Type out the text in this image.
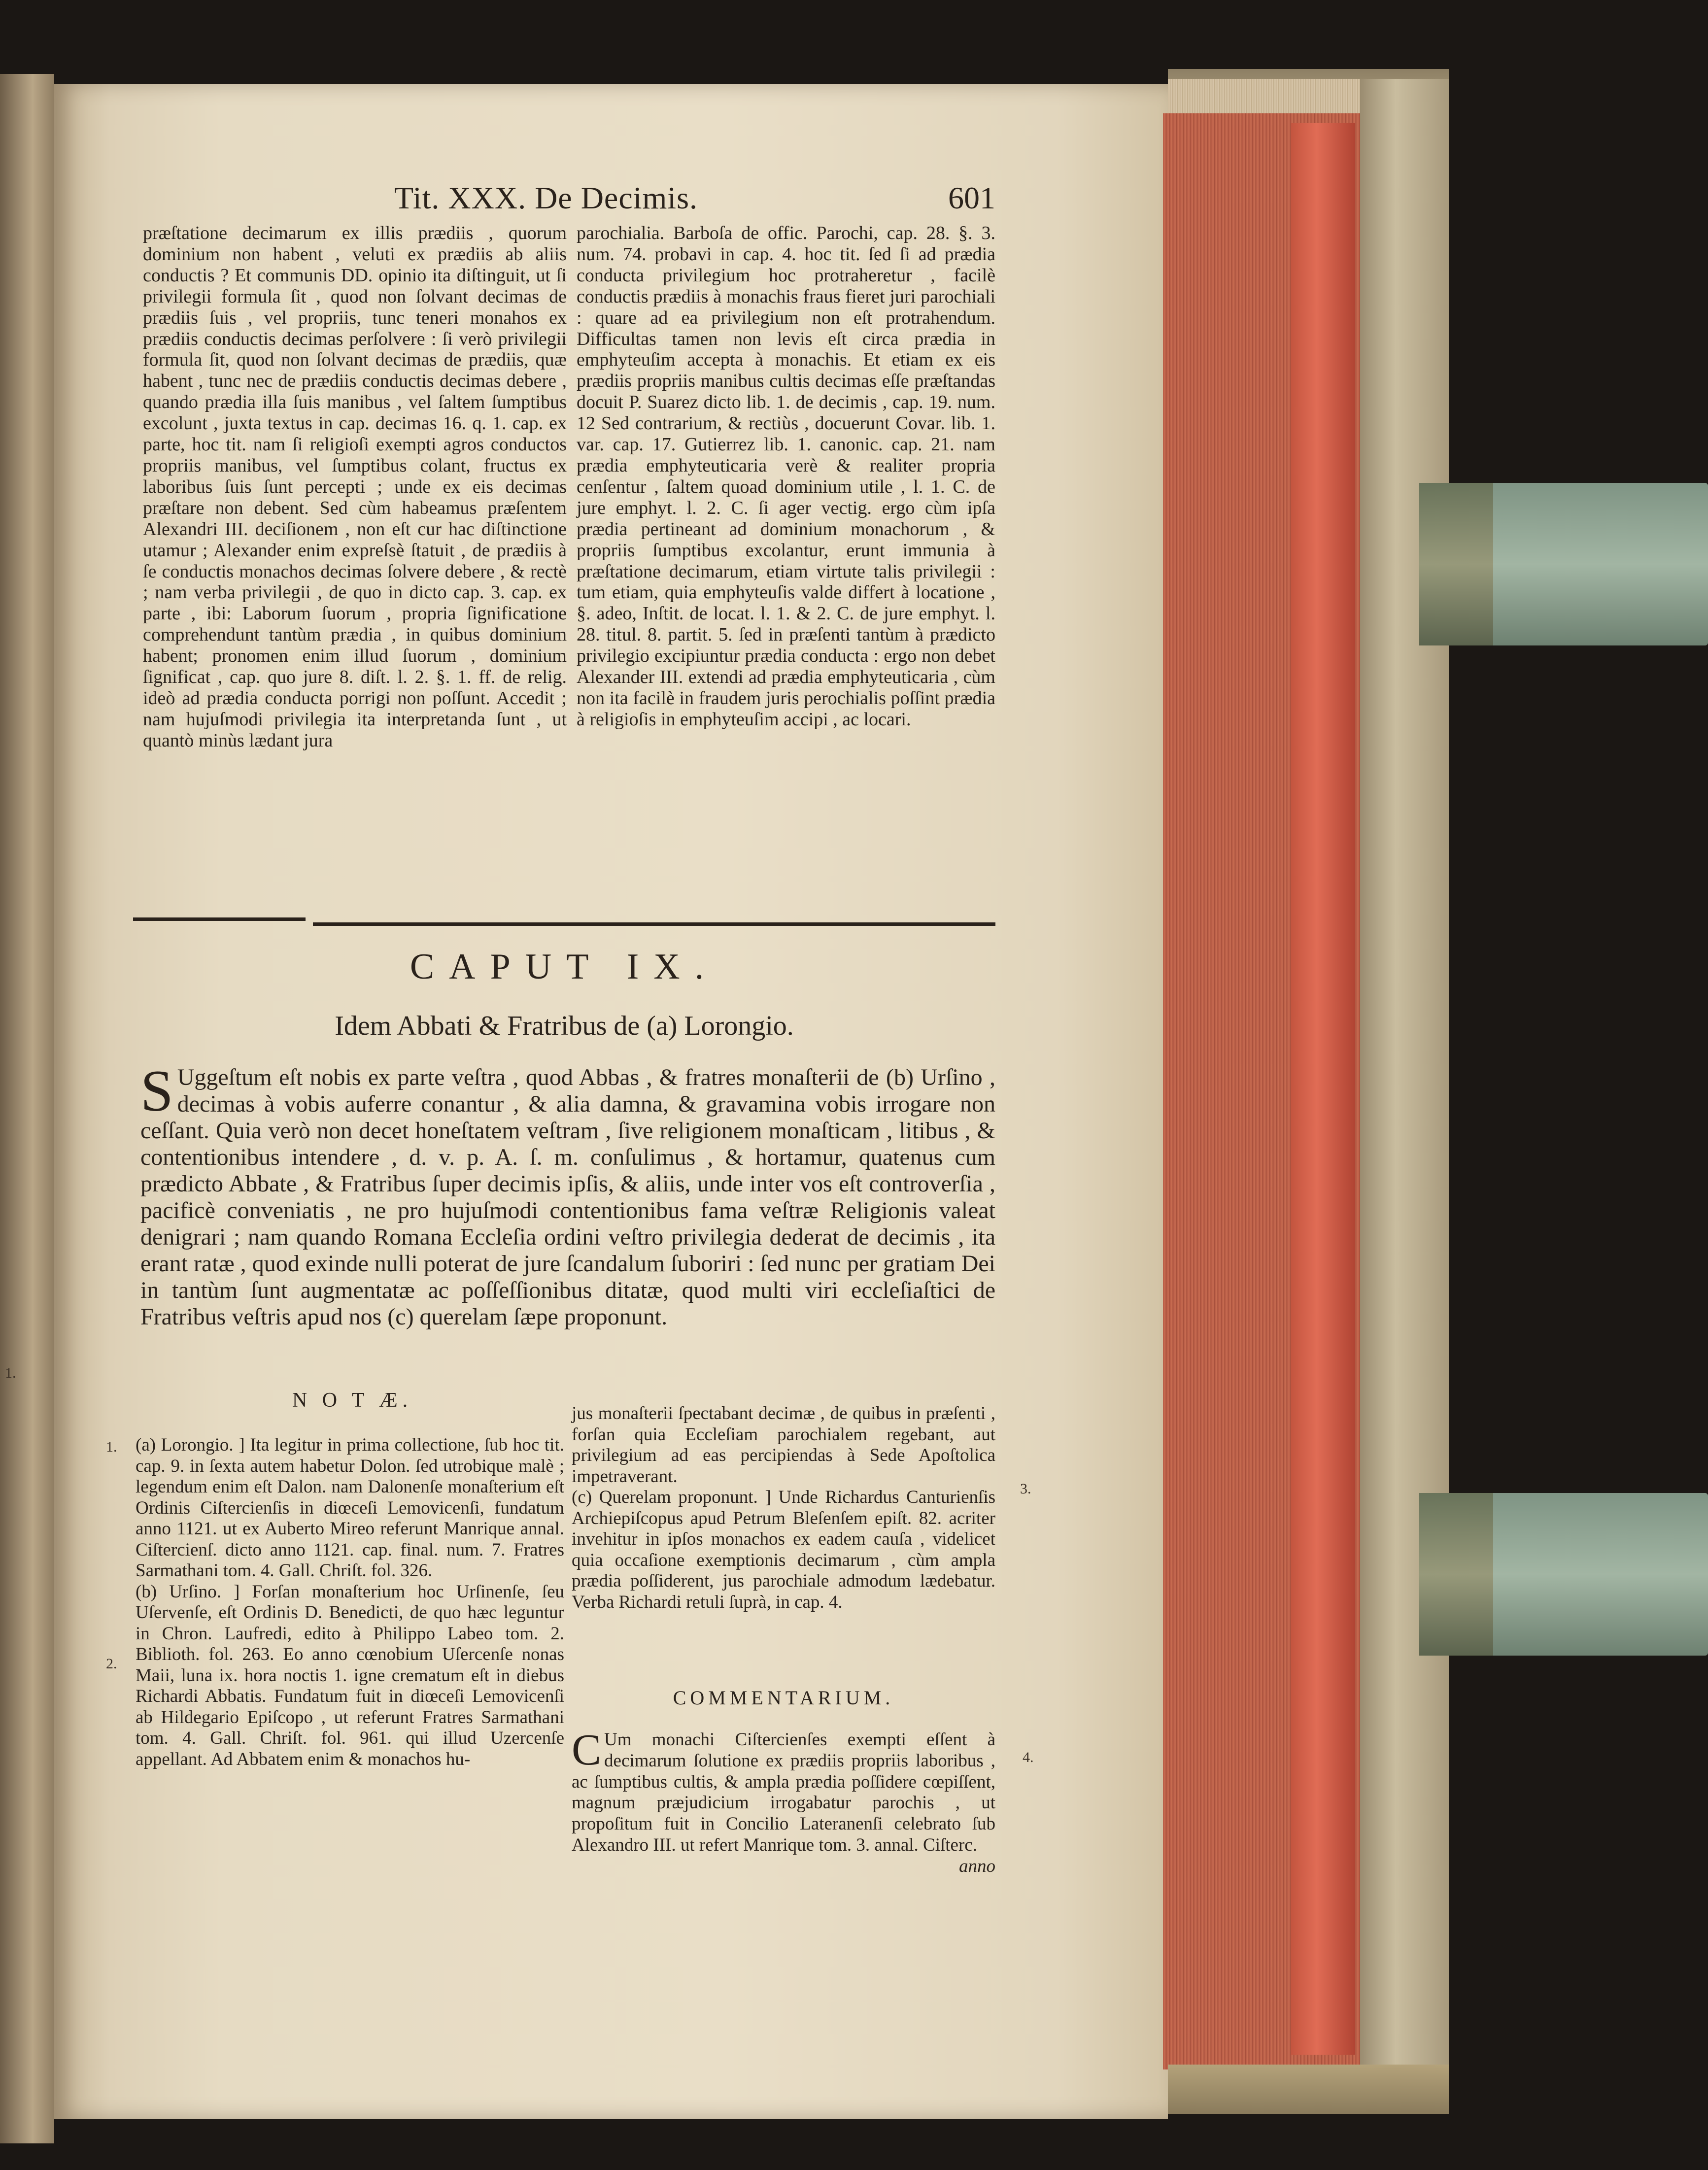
Tit. XXX. De Decimis.	601

præſtatione decimarum ex illis prædiis , quorum dominium non habent , veluti ex prædiis ab aliis conductis ? Et communis DD. opinio ita diſtinguit, ut ſi privilegii formula ſit , quod non ſolvant decimas de prædiis ſuis , vel propriis, tunc teneri monahos ex prædiis conductis decimas perſolvere : ſi verò privilegii formula ſit, quod non ſolvant decimas de prædiis, quæ habent , tunc nec de prædiis conductis decimas debere , quando prædia illa ſuis manibus , vel ſaltem ſumptibus excolunt , juxta textus in cap. decimas 16. q. 1. cap. ex parte, hoc tit. nam ſi religioſi exempti agros conductos propriis manibus, vel ſumptibus colant, fructus ex laboribus ſuis ſunt percepti ; unde ex eis decimas præſtare non debent. Sed cùm habeamus præſentem Alexandri III. deciſionem , non eſt cur hac diſtinctione utamur ; Alexander enim expreſsè ſtatuit , de prædiis à ſe conductis monachos decimas ſolvere debere , & rectè ; nam verba privilegii , de quo in dicto cap. 3. cap. ex parte , ibi: Laborum ſuorum , propria ſignificatione comprehendunt tantùm prædia , in quibus dominium habent; pronomen enim illud ſuorum , dominium ſignificat , cap. quo jure 8. diſt. l. 2. §. 1. ff. de relig. ideò ad prædia conducta porrigi non poſſunt. Accedit ; nam hujuſmodi privilegia ita interpretanda ſunt , ut quantò minùs lædant jura

parochialia. Barboſa de offic. Parochi, cap. 28. §. 3. num. 74. probavi in cap. 4. hoc tit. ſed ſi ad prædia conducta privilegium hoc protraheretur , facilè conductis prædiis à monachis fraus fieret juri parochiali : quare ad ea privilegium non eſt protrahendum. Difficultas tamen non levis eſt circa prædia in emphyteuſim accepta à monachis. Et etiam ex eis prædiis propriis manibus cultis decimas eſſe præſtandas docuit P. Suarez dicto lib. 1. de decimis , cap. 19. num. 12 Sed contrarium, & rectiùs , docuerunt Covar. lib. 1. var. cap. 17. Gutierrez lib. 1. canonic. cap. 21. nam prædia emphyteuticaria verè & realiter propria cenſentur , ſaltem quoad dominium utile , l. 1. C. de jure emphyt. l. 2. C. ſi ager vectig. ergo cùm ipſa prædia pertineant ad dominium monachorum , & propriis ſumptibus excolantur, erunt immunia à præſtatione decimarum, etiam virtute talis privilegii : tum etiam, quia emphyteuſis valde differt à locatione , §. adeo, Inſtit. de locat. l. 1. & 2. C. de jure emphyt. l. 28. titul. 8. partit. 5. ſed in præſenti tantùm à prædicto privilegio excipiuntur prædia conducta : ergo non debet Alexander III. extendi ad prædia emphyteuticaria , cùm non ita facilè in fraudem juris perochialis poſſint prædia à religioſis in emphyteuſim accipi , ac locari.

CAPUT IX.
Idem Abbati & Fratribus de (a) Lorongio.

S Uggeſtum eſt nobis ex parte veſtra , quod Abbas , & fratres monaſterii de (b) Urſino , decimas à vobis auferre conantur , & alia damna, & gravamina vobis irrogare non ceſſant. Quia verò non decet honeſtatem veſtram , ſive religionem monaſticam , litibus , & contentionibus intendere , d. v. p. A. ſ. m. conſulimus , & hortamur, quatenus cum prædicto Abbate , & Fratribus ſuper decimis ipſis, & aliis, unde inter vos eſt controverſia , pacificè conveniatis , ne pro hujuſmodi contentionibus fama veſtræ Religionis valeat denigrari ; nam quando Romana Eccleſia ordini veſtro privilegia dederat de decimis , ita erant ratæ , quod exinde nulli poterat de jure ſcandalum ſuboriri : ſed nunc per gratiam Dei in tantùm ſunt augmentatæ ac poſſeſſionibus ditatæ, quod multi viri eccleſiaſtici de Fratribus veſtris apud nos (c) querelam ſæpe proponunt.

N O T Æ.

(a) Lorongio. ] Ita legitur in prima collectione, ſub hoc tit. cap. 9. in ſexta autem habetur Dolon. ſed utrobique malè ; legendum enim eſt Dalon. nam Dalonenſe monaſterium eſt Ordinis Ciſtercienſis in diœceſi Lemovicenſi, fundatum anno 1121. ut ex Auberto Mireo referunt Manrique annal. Ciſtercienſ. dicto anno 1121. cap. final. num. 7. Fratres Sarmathani tom. 4. Gall. Chriſt. fol. 326.

(b) Urſino. ] Forſan monaſterium hoc Urſinenſe, ſeu Uſervenſe, eſt Ordinis D. Benedicti, de quo hæc leguntur in Chron. Laufredi, edito à Philippo Labeo tom. 2. Biblioth. fol. 263. Eo anno cœnobium Uſercenſe nonas Maii, luna ix. hora noctis 1. igne crematum eſt in diebus Richardi Abbatis. Fundatum fuit in diœceſi Lemovicenſi ab Hildegario Epiſcopo , ut referunt Fratres Sarmathani tom. 4. Gall. Chriſt. fol. 961. qui illud Uzercenſe appellant. Ad Abbatem enim & monachos hu-

jus monaſterii ſpectabant decimæ , de quibus in præſenti , forſan quia Eccleſiam parochialem regebant, aut privilegium ad eas percipiendas à Sede Apoſtolica impetraverant.

(c) Querelam proponunt. ] Unde Richardus Canturienſis Archiepiſcopus apud Petrum Bleſenſem epiſt. 82. acriter invehitur in ipſos monachos ex eadem cauſa , videlicet quia occaſione exemptionis decimarum , cùm ampla prædia poſſiderent, jus parochiale admodum lædebatur. Verba Richardi retuli ſuprà, in cap. 4.

COMMENTARIUM.

C Um monachi Ciſtercienſes exempti eſſent à decimarum ſolutione ex prædiis propriis laboribus , ac ſumptibus cultis, & ampla prædia poſſidere cœpiſſent, magnum præjudicium irrogabatur parochis , ut propoſitum fuit in Concilio Lateranenſi celebrato ſub Alexandro III. ut refert Manrique tom. 3. annal. Ciſterc.

anno

1.
1.
2.
3.
4.
